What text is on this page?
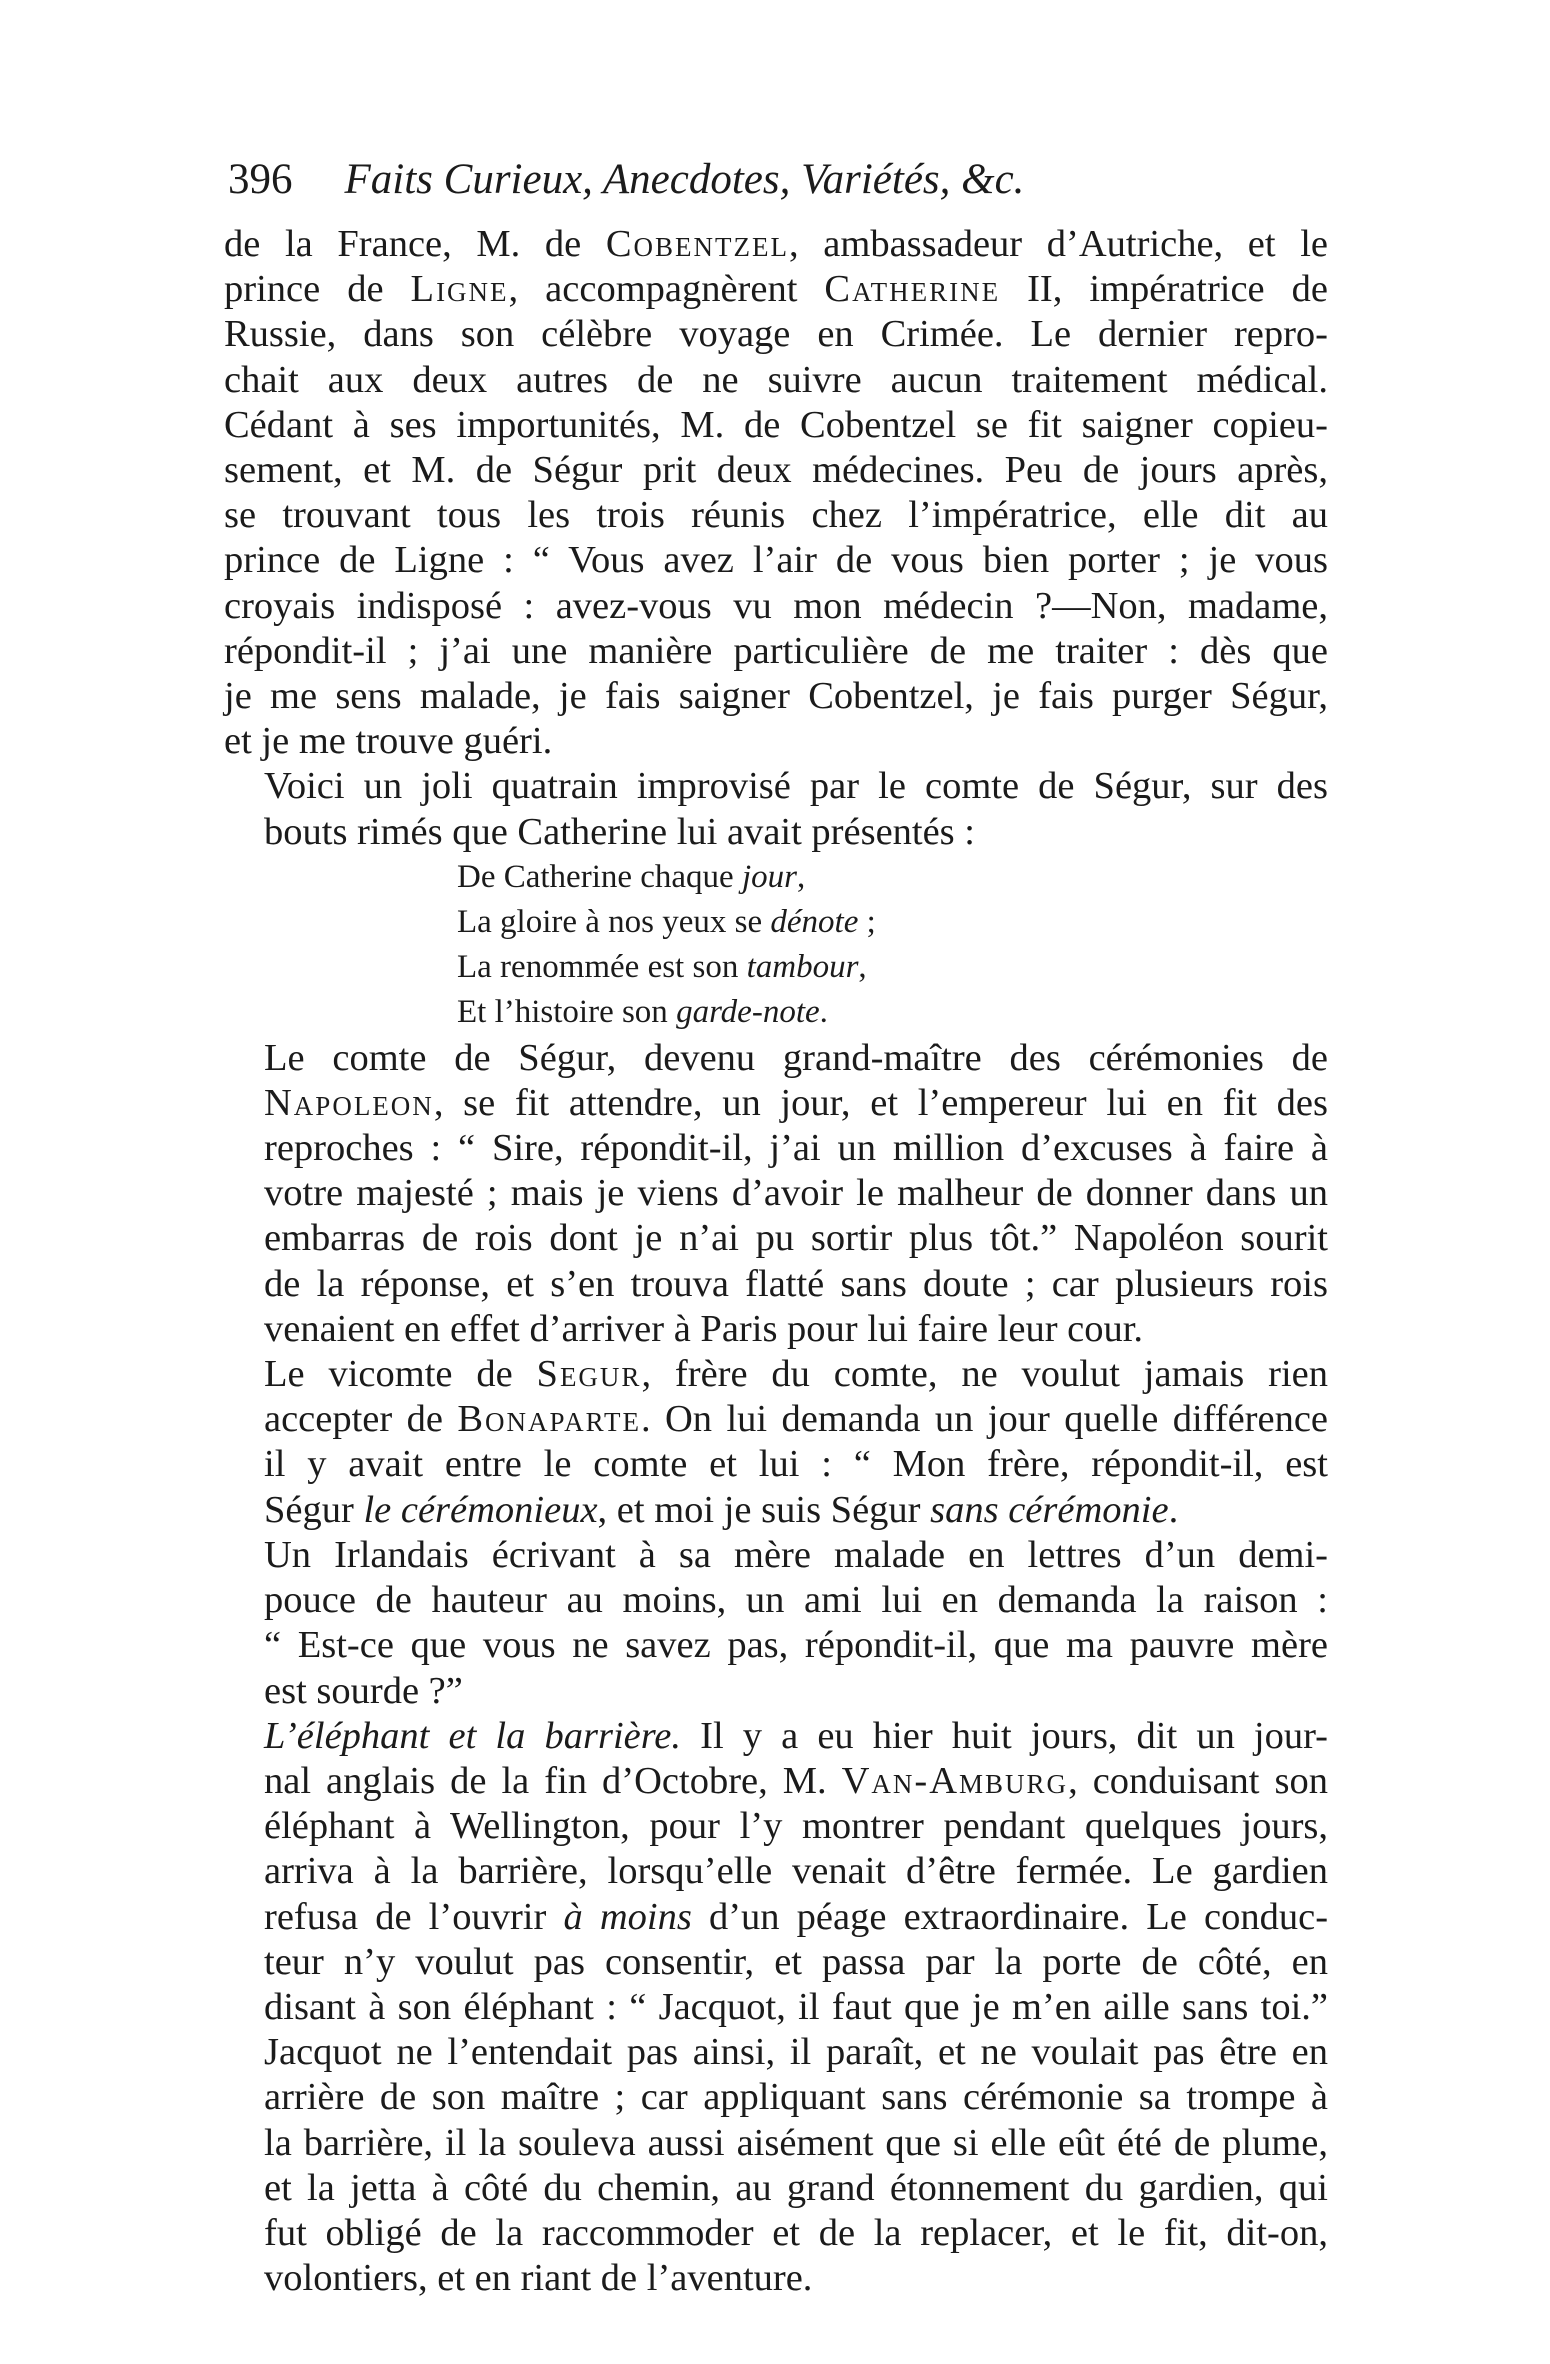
396 Faits Curieux, Anecdotes, Variétés, &c.
de la France, M. de Cobentzel, ambassadeur d’Autriche, et le
prince de Ligne, accompagnèrent Catherine II, impératrice de
Russie, dans son célèbre voyage en Crimée. Le dernier repro-
chait aux deux autres de ne suivre aucun traitement médical.
Cédant à ses importunités, M. de Cobentzel se fit saigner copieu-
sement, et M. de Ségur prit deux médecines. Peu de jours après,
se trouvant tous les trois réunis chez l’impératrice, elle dit au
prince de Ligne : “ Vous avez l’air de vous bien porter ; je vous
croyais indisposé : avez-vous vu mon médecin ?—Non, madame,
répondit-il ; j’ai une manière particulière de me traiter : dès que
je me sens malade, je fais saigner Cobentzel, je fais purger Ségur,
et je me trouve guéri.
Voici un joli quatrain improvisé par le comte de Ségur, sur des
bouts rimés que Catherine lui avait présentés :
De Catherine chaque jour,
La gloire à nos yeux se dénote ;
La renommée est son tambour,
Et l’histoire son garde-note.
Le comte de Ségur, devenu grand-maître des cérémonies de
Napoleon, se fit attendre, un jour, et l’empereur lui en fit des
reproches : “ Sire, répondit-il, j’ai un million d’excuses à faire à
votre majesté ; mais je viens d’avoir le malheur de donner dans un
embarras de rois dont je n’ai pu sortir plus tôt.” Napoléon sourit
de la réponse, et s’en trouva flatté sans doute ; car plusieurs rois
venaient en effet d’arriver à Paris pour lui faire leur cour.
Le vicomte de Segur, frère du comte, ne voulut jamais rien
accepter de Bonaparte. On lui demanda un jour quelle différence
il y avait entre le comte et lui : “ Mon frère, répondit-il, est
Ségur le cérémonieux, et moi je suis Ségur sans cérémonie.
Un Irlandais écrivant à sa mère malade en lettres d’un demi-
pouce de hauteur au moins, un ami lui en demanda la raison :
“ Est-ce que vous ne savez pas, répondit-il, que ma pauvre mère
est sourde ?”
L’éléphant et la barrière. Il y a eu hier huit jours, dit un jour-
nal anglais de la fin d’Octobre, M. Van-Amburg, conduisant son
éléphant à Wellington, pour l’y montrer pendant quelques jours,
arriva à la barrière, lorsqu’elle venait d’être fermée. Le gardien
refusa de l’ouvrir à moins d’un péage extraordinaire. Le conduc-
teur n’y voulut pas consentir, et passa par la porte de côté, en
disant à son éléphant : “ Jacquot, il faut que je m’en aille sans toi.”
Jacquot ne l’entendait pas ainsi, il paraît, et ne voulait pas être en
arrière de son maître ; car appliquant sans cérémonie sa trompe à
la barrière, il la souleva aussi aisément que si elle eût été de plume,
et la jetta à côté du chemin, au grand étonnement du gardien, qui
fut obligé de la raccommoder et de la replacer, et le fit, dit-on,
volontiers, et en riant de l’aventure.
